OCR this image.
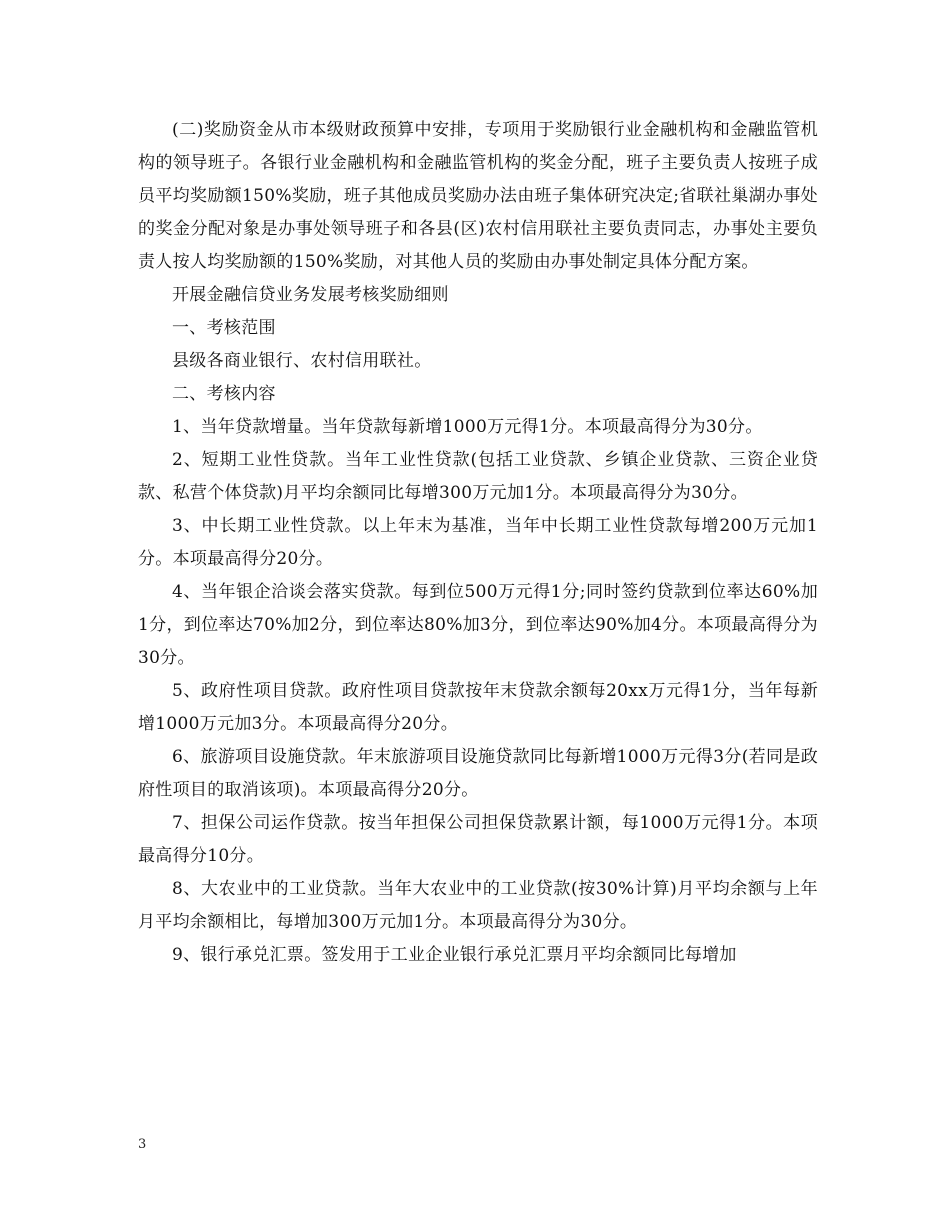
(二)奖励资金从市本级财政预算中安排，专项用于奖励银行业金融机构和金融监管机构的领导班子。各银行业金融机构和金融监管机构的奖金分配，班子主要负责人按班子成员平均奖励额150%奖励，班子其他成员奖励办法由班子集体研究决定;省联社巢湖办事处的奖金分配对象是办事处领导班子和各县(区)农村信用联社主要负责同志，办事处主要负责人按人均奖励额的150%奖励，对其他人员的奖励由办事处制定具体分配方案。

开展金融信贷业务发展考核奖励细则

一、考核范围

县级各商业银行、农村信用联社。

二、考核内容

1、当年贷款增量。当年贷款每新增1000万元得1分。本项最高得分为30分。

2、短期工业性贷款。当年工业性贷款(包括工业贷款、乡镇企业贷款、三资企业贷款、私营个体贷款)月平均余额同比每增300万元加1分。本项最高得分为30分。

3、中长期工业性贷款。以上年末为基准，当年中长期工业性贷款每增200万元加1分。本项最高得分20分。

4、当年银企洽谈会落实贷款。每到位500万元得1分;同时签约贷款到位率达60%加1分，到位率达70%加2分，到位率达80%加3分，到位率达90%加4分。本项最高得分为30分。

5、政府性项目贷款。政府性项目贷款按年末贷款余额每20xx万元得1分，当年每新增1000万元加3分。本项最高得分20分。

6、旅游项目设施贷款。年末旅游项目设施贷款同比每新增1000万元得3分(若同是政府性项目的取消该项)。本项最高得分20分。

7、担保公司运作贷款。按当年担保公司担保贷款累计额，每1000万元得1分。本项最高得分10分。

8、大农业中的工业贷款。当年大农业中的工业贷款(按30%计算)月平均余额与上年月平均余额相比，每增加300万元加1分。本项最高得分为30分。

9、银行承兑汇票。签发用于工业企业银行承兑汇票月平均余额同比每增加

3
